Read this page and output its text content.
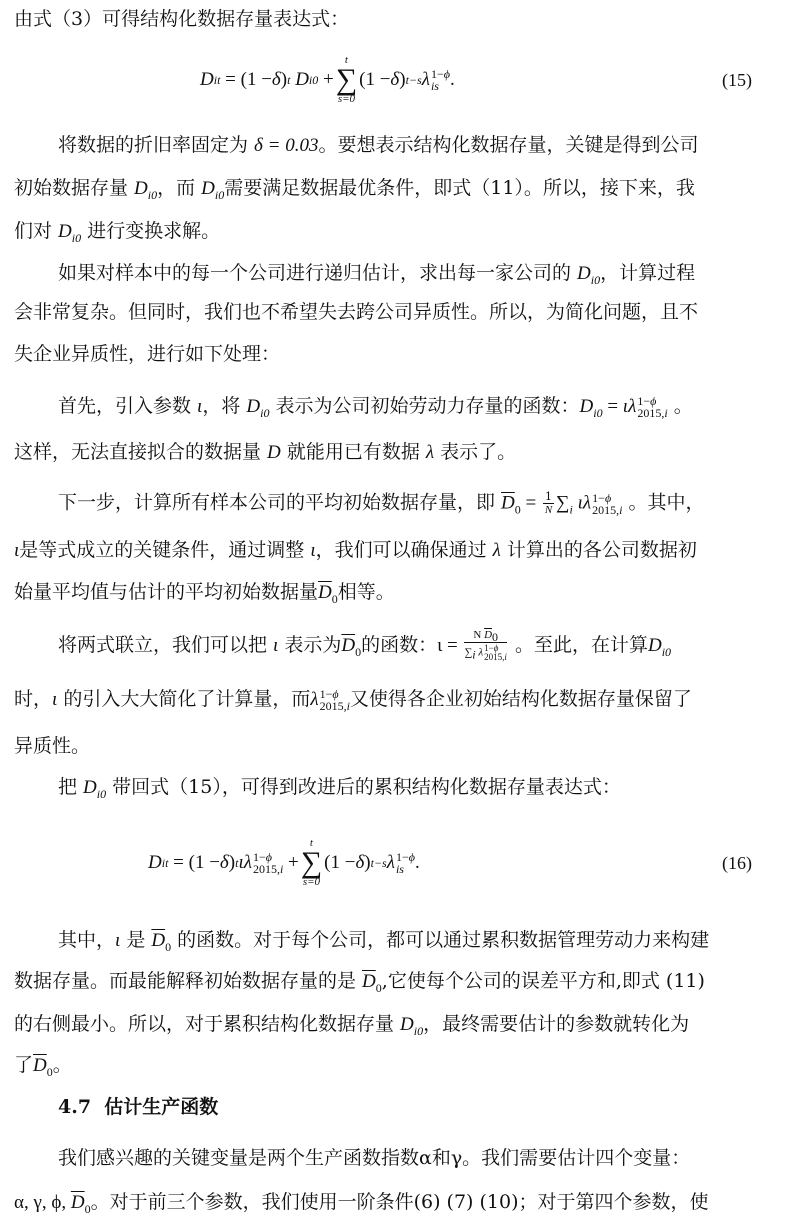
由式（3）可得结构化数据存量表达式：

D it = (1 − δ ) t D i0 +
t
∑
s=0
(1 − δ ) t−s λ 1−ϕ
is .	(15)

将数据的折旧率固定为 δ = 0.03。要想表示结构化数据存量，关键是得到公司

初始数据存量 $D_{i0}$，而 $D_{i0}$需要满足数据最优条件，即式（11）。所以，接下来，我

们对 $D_{i0}$ 进行变换求解。

如果对样本中的每一个公司进行递归估计，求出每一家公司的 $D_{i0}$，计算过程

会非常复杂。但同时，我们也不希望失去跨公司异质性。所以，为简化问题，且不

失企业异质性，进行如下处理：

首先，引入参数 ι，将 $D_{i0}$ 表示为公司初始劳动力存量的函数：$D_{i0} = \iota\lambda$ 1−ϕ
2015,i 。

这样，无法直接拟合的数据量 D 就能用已有数据 λ 表示了。

下一步，计算所有样本公司的平均初始数据存量，即 $\overline{D}_0 = \frac{1}{N} \sum_i$ ιλ 1−ϕ
2015,i 。其中，

ι是等式成立的关键条件，通过调整 ι，我们可以确保通过 λ 计算出的各公司数据初

始量平均值与估计的平均初始数据量$\overline{D}_0$相等。

将两式联立，我们可以把 ι 表示为$\overline{D}_0$的函数：ι = N $\overline{D}_0$
$\sum_i$ λ 1−ϕ
2015,i 。至此，在计算$D_{i0}$

时，ι 的引入大大简化了计算量，而λ 1−ϕ
2015,i 又使得各企业初始结构化数据存量保留了

异质性。

把 $D_{i0}$ 带回式（15），可得到改进后的累积结构化数据存量表达式：

D it = (1 − δ ) t ιλ 1−ϕ
2015,i +
t
∑
s=0
(1 − δ ) t−s λ 1−ϕ
is .	(16)

其中，ι 是 $\overline{D}_0$ 的函数。对于每个公司，都可以通过累积数据管理劳动力来构建

数据存量。而最能解释初始数据存量的是 $\overline{D}_0$,它使每个公司的误差平方和,即式 (11)

的右侧最小。所以，对于累积结构化数据存量 $D_{i0}$，最终需要估计的参数就转化为

了$\overline{D}_0$。

4.7 估计生产函数

我们感兴趣的关键变量是两个生产函数指数α和γ。我们需要估计四个变量：

α, γ, ϕ, $\overline{D}_0$。对于前三个参数，我们使用一阶条件(6) (7) (10)；对于第四个参数，使
